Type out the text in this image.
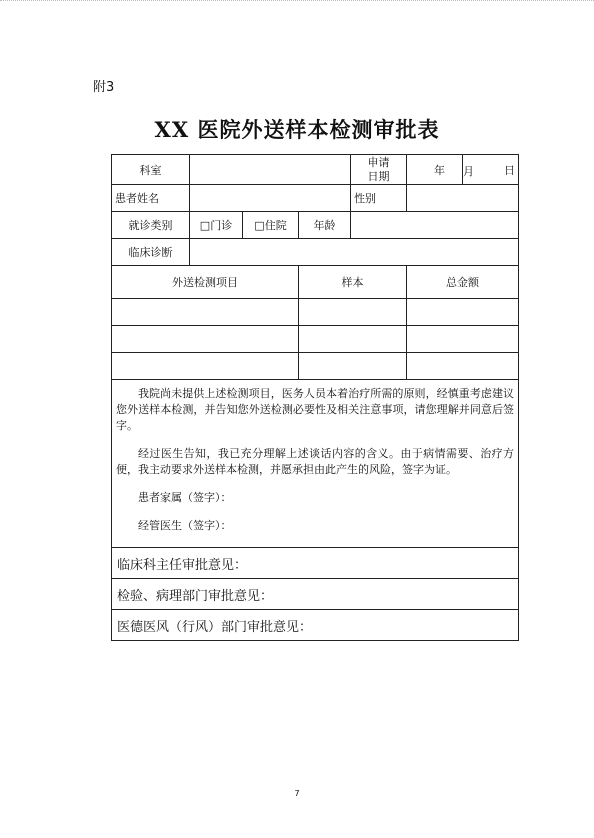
附3
XX 医院外送样本检测审批表
科室				申请
日期	年	月 日
患者姓名				性别		
就诊类别	□门诊	□住院	年龄			
临床诊断						
外送检测项目			样本		总金额	

我院尚未提供上述检测项目，医务人员本着治疗所需的原则，经慎重考虑建议您外送样本检测，并告知您外送检测必要性及相关注意事项，请您理解并同意后签字。

经过医生告知，我已充分理解上述谈话内容的含义。由于病情需要、治疗方便，我主动要求外送样本检测，并愿承担由此产生的风险，签字为证。

患者家属（签字）：

经管医生（签字）：						

临床科主任审批意见：						
检验、病理部门审批意见：						
医德医风（行风）部门审批意见：						
7
